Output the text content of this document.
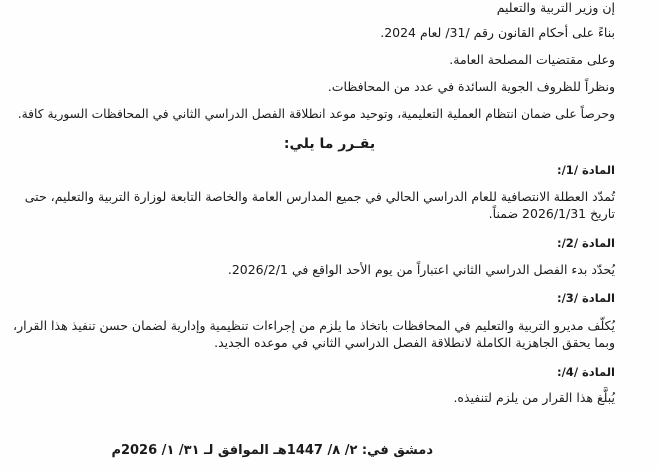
إن وزير التربية والتعليم
بناءً على أحكام القانون رقم /31/ لعام 2024.
وعلى مقتضيات المصلحة العامة.
ونظراً للظروف الجوية السائدة في عدد من المحافظات.
وحرصاً على ضمان انتظام العملية التعليمية، وتوحيد موعد انطلاقة الفصل الدراسي الثاني في المحافظات السورية كافة.
يقـرر ما يلي:
المادة /1/:
تُمدّد العطلة الانتصافية للعام الدراسي الحالي في جميع المدارس العامة والخاصة التابعة لوزارة التربية والتعليم، حتى
تاريخ 2026/1/31 ضمناً.
المادة /2/:
يُحدّد بدء الفصل الدراسي الثاني اعتباراً من يوم الأحد الواقع في 2026/2/1.
المادة /3/:
يُكلّف مديرو التربية والتعليم في المحافظات باتخاذ ما يلزم من إجراءات تنظيمية وإدارية لضمان حسن تنفيذ هذا القرار،
وبما يحقق الجاهزية الكاملة لانطلاقة الفصل الدراسي الثاني في موعده الجديد.
المادة /4/:
يُبلَّغ هذا القرار من يلزم لتنفيذه.
دمشق في: ٢/ ٨/ 1447هـ الموافق لـ ٣١/ ١/ 2026م
